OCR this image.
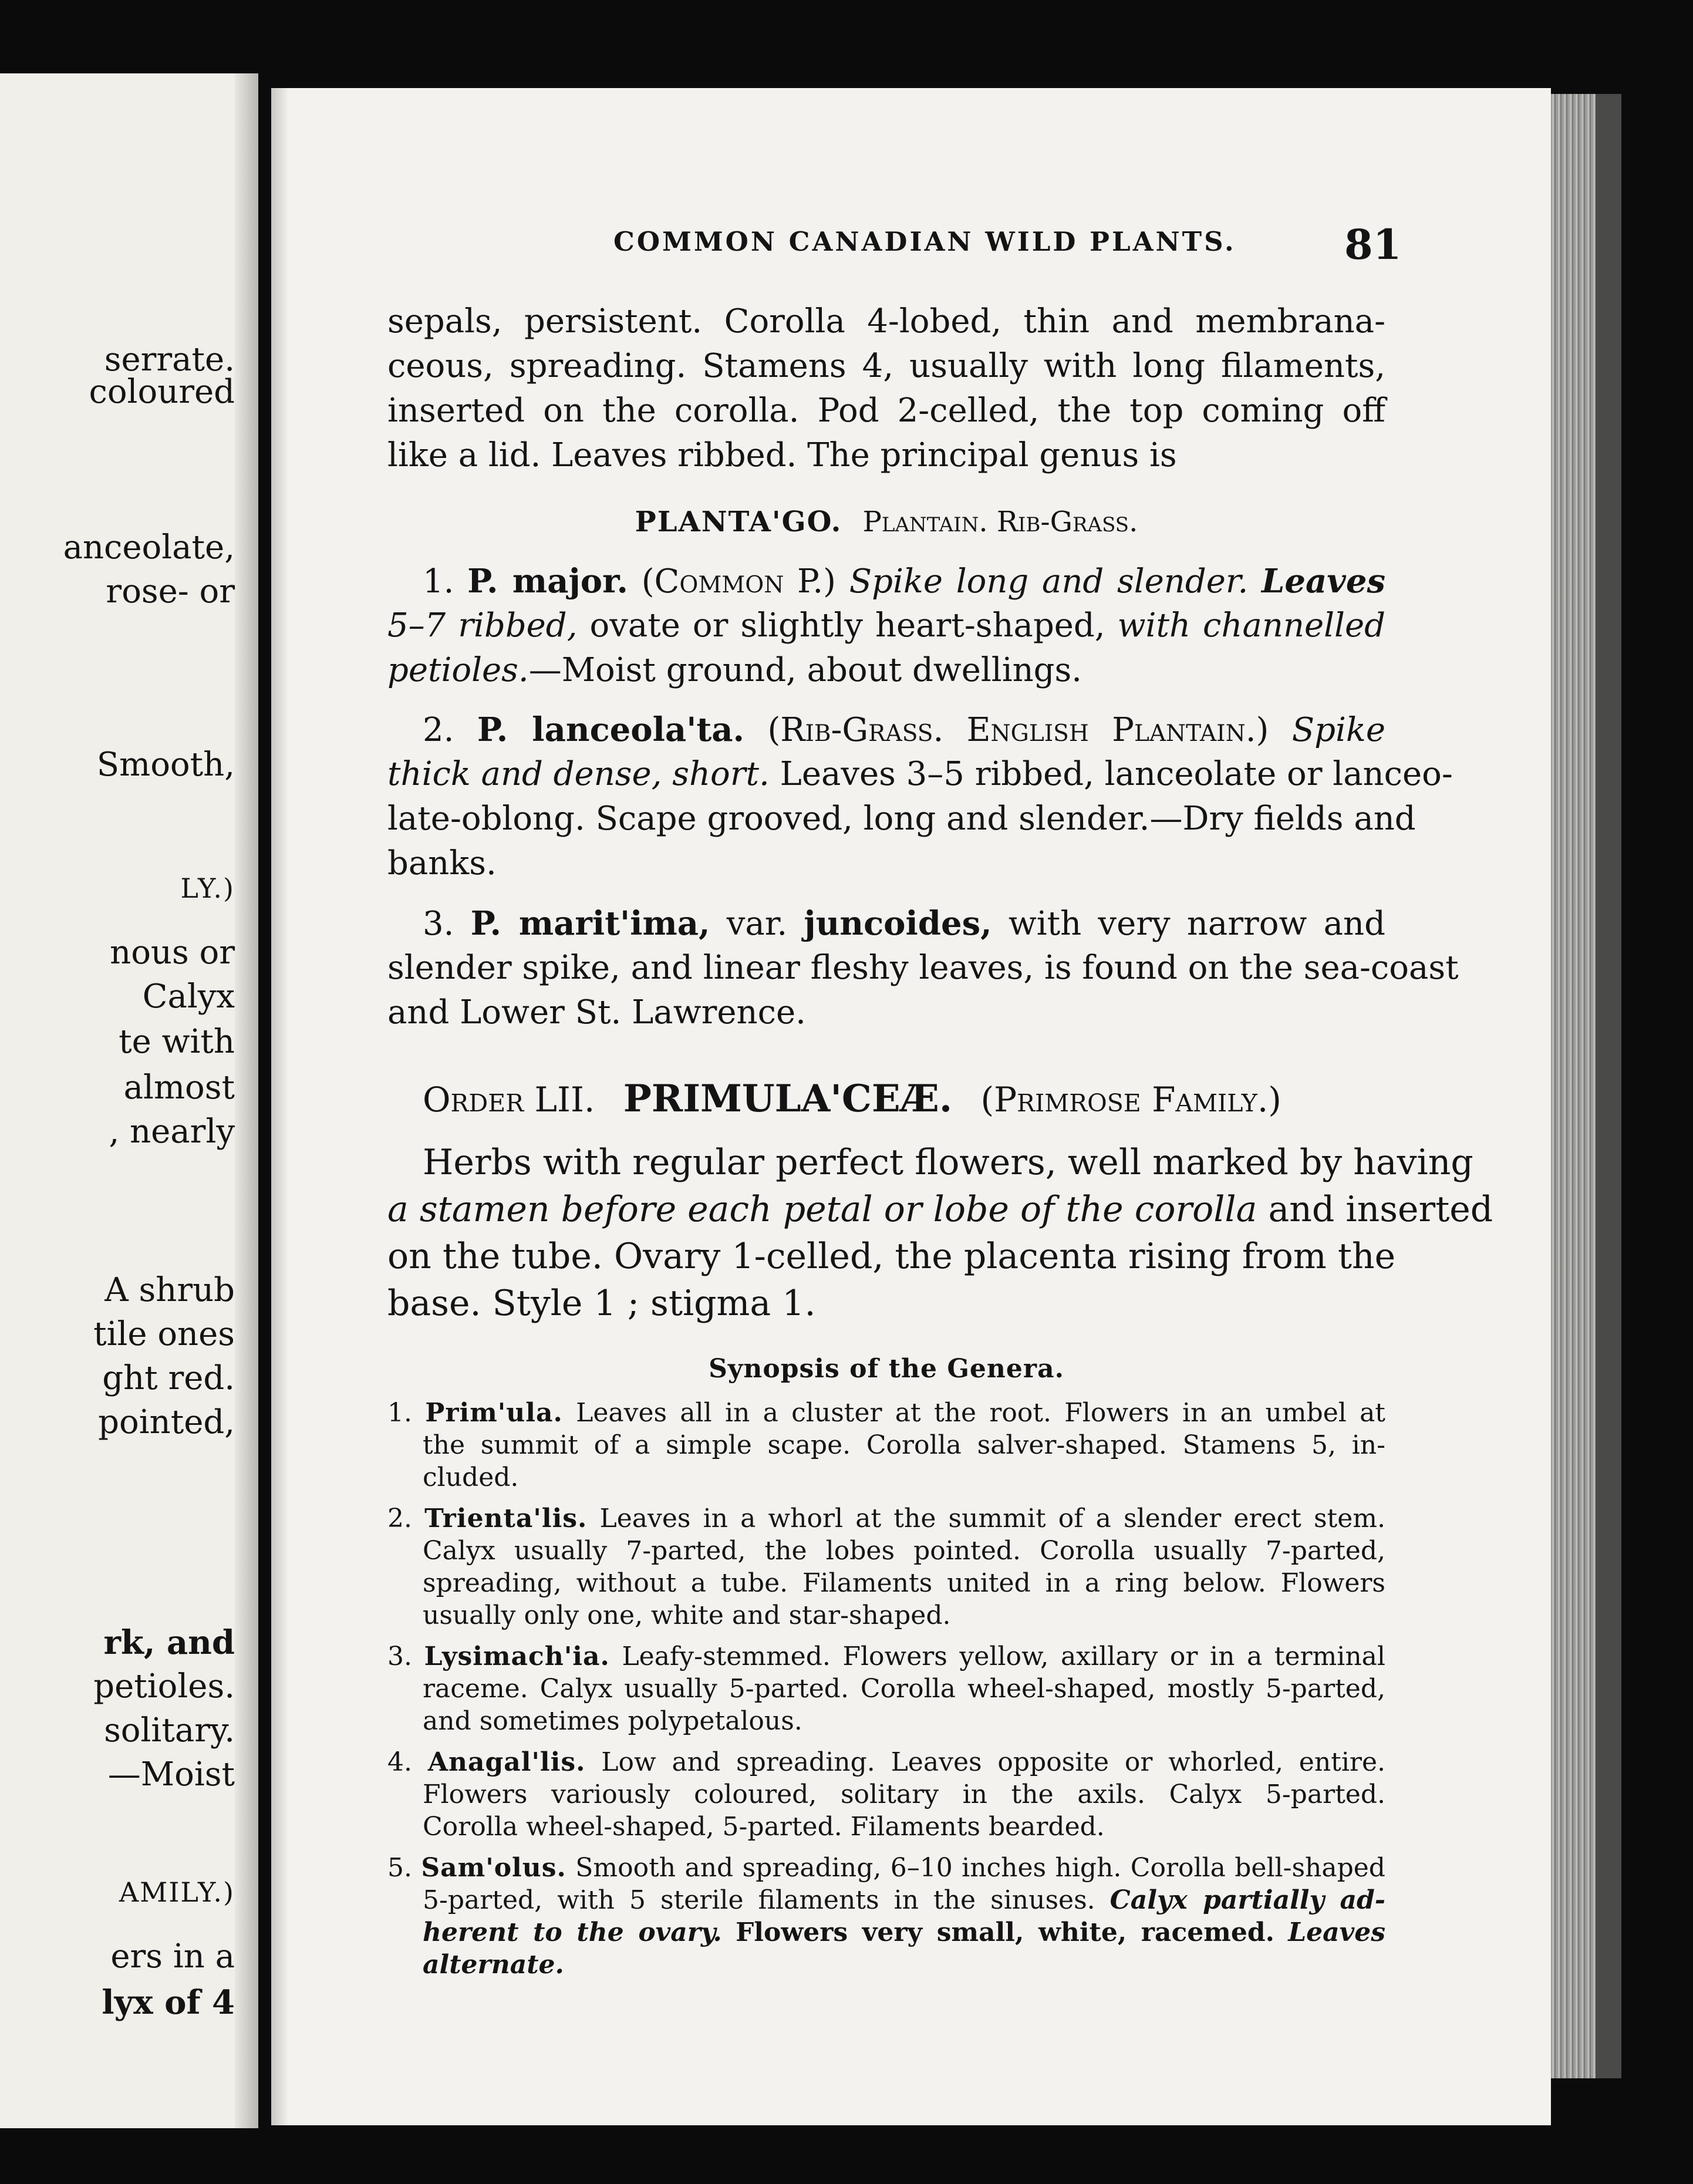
serrate.
coloured
anceolate,
rose- or
Smooth,
LY.)
nous or
Calyx
te with
almost
, nearly
A shrub
tile ones
ght red.
pointed,
rk, and
petioles.
solitary.
—Moist
AMILY.)
ers in a
lyx of 4
COMMON CANADIAN WILD PLANTS.	81
sepals, persistent. Corolla 4-lobed, thin and membrana-
ceous, spreading. Stamens 4, usually with long filaments,
inserted on the corolla. Pod 2-celled, the top coming off
like a lid. Leaves ribbed. The principal genus is
PLANTA'GO. Plantain. Rib-Grass.
1. P. major. (Common P.) Spike long and slender. Leaves
5–7 ribbed, ovate or slightly heart-shaped, with channelled
petioles.—Moist ground, about dwellings.
2. P. lanceola'ta. (Rib-Grass. English Plantain.) Spike
thick and dense, short. Leaves 3–5 ribbed, lanceolate or lanceo-
late-oblong. Scape grooved, long and slender.—Dry fields and
banks.
3. P. marit'ima, var. juncoides, with very narrow and
slender spike, and linear fleshy leaves, is found on the sea-coast
and Lower St. Lawrence.
Order LII. PRIMULA'CEÆ. (Primrose Family.)
Herbs with regular perfect flowers, well marked by having
a stamen before each petal or lobe of the corolla and inserted
on the tube. Ovary 1-celled, the placenta rising from the
base. Style 1 ; stigma 1.
Synopsis of the Genera.
1. Prim'ula. Leaves all in a cluster at the root. Flowers in an umbel at
the summit of a simple scape. Corolla salver-shaped. Stamens 5, in-
cluded.
2. Trienta'lis. Leaves in a whorl at the summit of a slender erect stem.
Calyx usually 7-parted, the lobes pointed. Corolla usually 7-parted,
spreading, without a tube. Filaments united in a ring below. Flowers
usually only one, white and star-shaped.
3. Lysimach'ia. Leafy-stemmed. Flowers yellow, axillary or in a terminal
raceme. Calyx usually 5-parted. Corolla wheel-shaped, mostly 5-parted,
and sometimes polypetalous.
4. Anagal'lis. Low and spreading. Leaves opposite or whorled, entire.
Flowers variously coloured, solitary in the axils. Calyx 5-parted.
Corolla wheel-shaped, 5-parted. Filaments bearded.
5. Sam'olus. Smooth and spreading, 6–10 inches high. Corolla bell-shaped
5-parted, with 5 sterile filaments in the sinuses. Calyx partially ad-
herent to the ovary. Flowers very small, white, racemed. Leaves
alternate.
